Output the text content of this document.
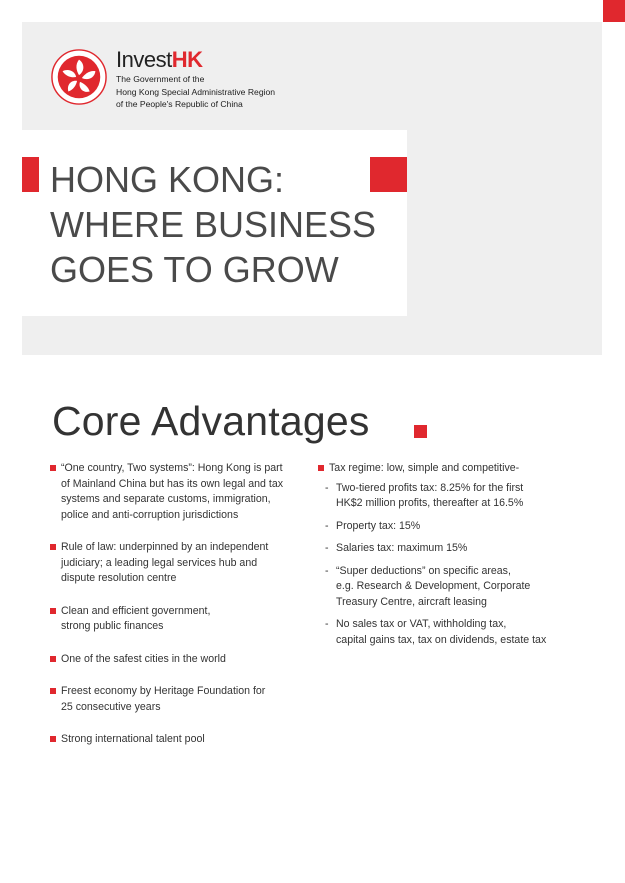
InvestHK
The Government of the
Hong Kong Special Administrative Region
of the People's Republic of China
HONG KONG:
WHERE BUSINESS
GOES TO GROW
Core Advantages
“One country, Two systems”: Hong Kong is part
of Mainland China but has its own legal and tax
systems and separate customs, immigration,
police and anti-corruption jurisdictions
Rule of law: underpinned by an independent
judiciary; a leading legal services hub and
dispute resolution centre
Clean and efficient government,
strong public finances
One of the safest cities in the world
Freest economy by Heritage Foundation for
25 consecutive years
Strong international talent pool
Tax regime: low, simple and competitive-
- Two-tiered profits tax: 8.25% for the first
HK$2 million profits, thereafter at 16.5%
- Property tax: 15%
- Salaries tax: maximum 15%
- “Super deductions” on specific areas,
e.g. Research & Development, Corporate
Treasury Centre, aircraft leasing
- No sales tax or VAT, withholding tax,
capital gains tax, tax on dividends, estate tax
